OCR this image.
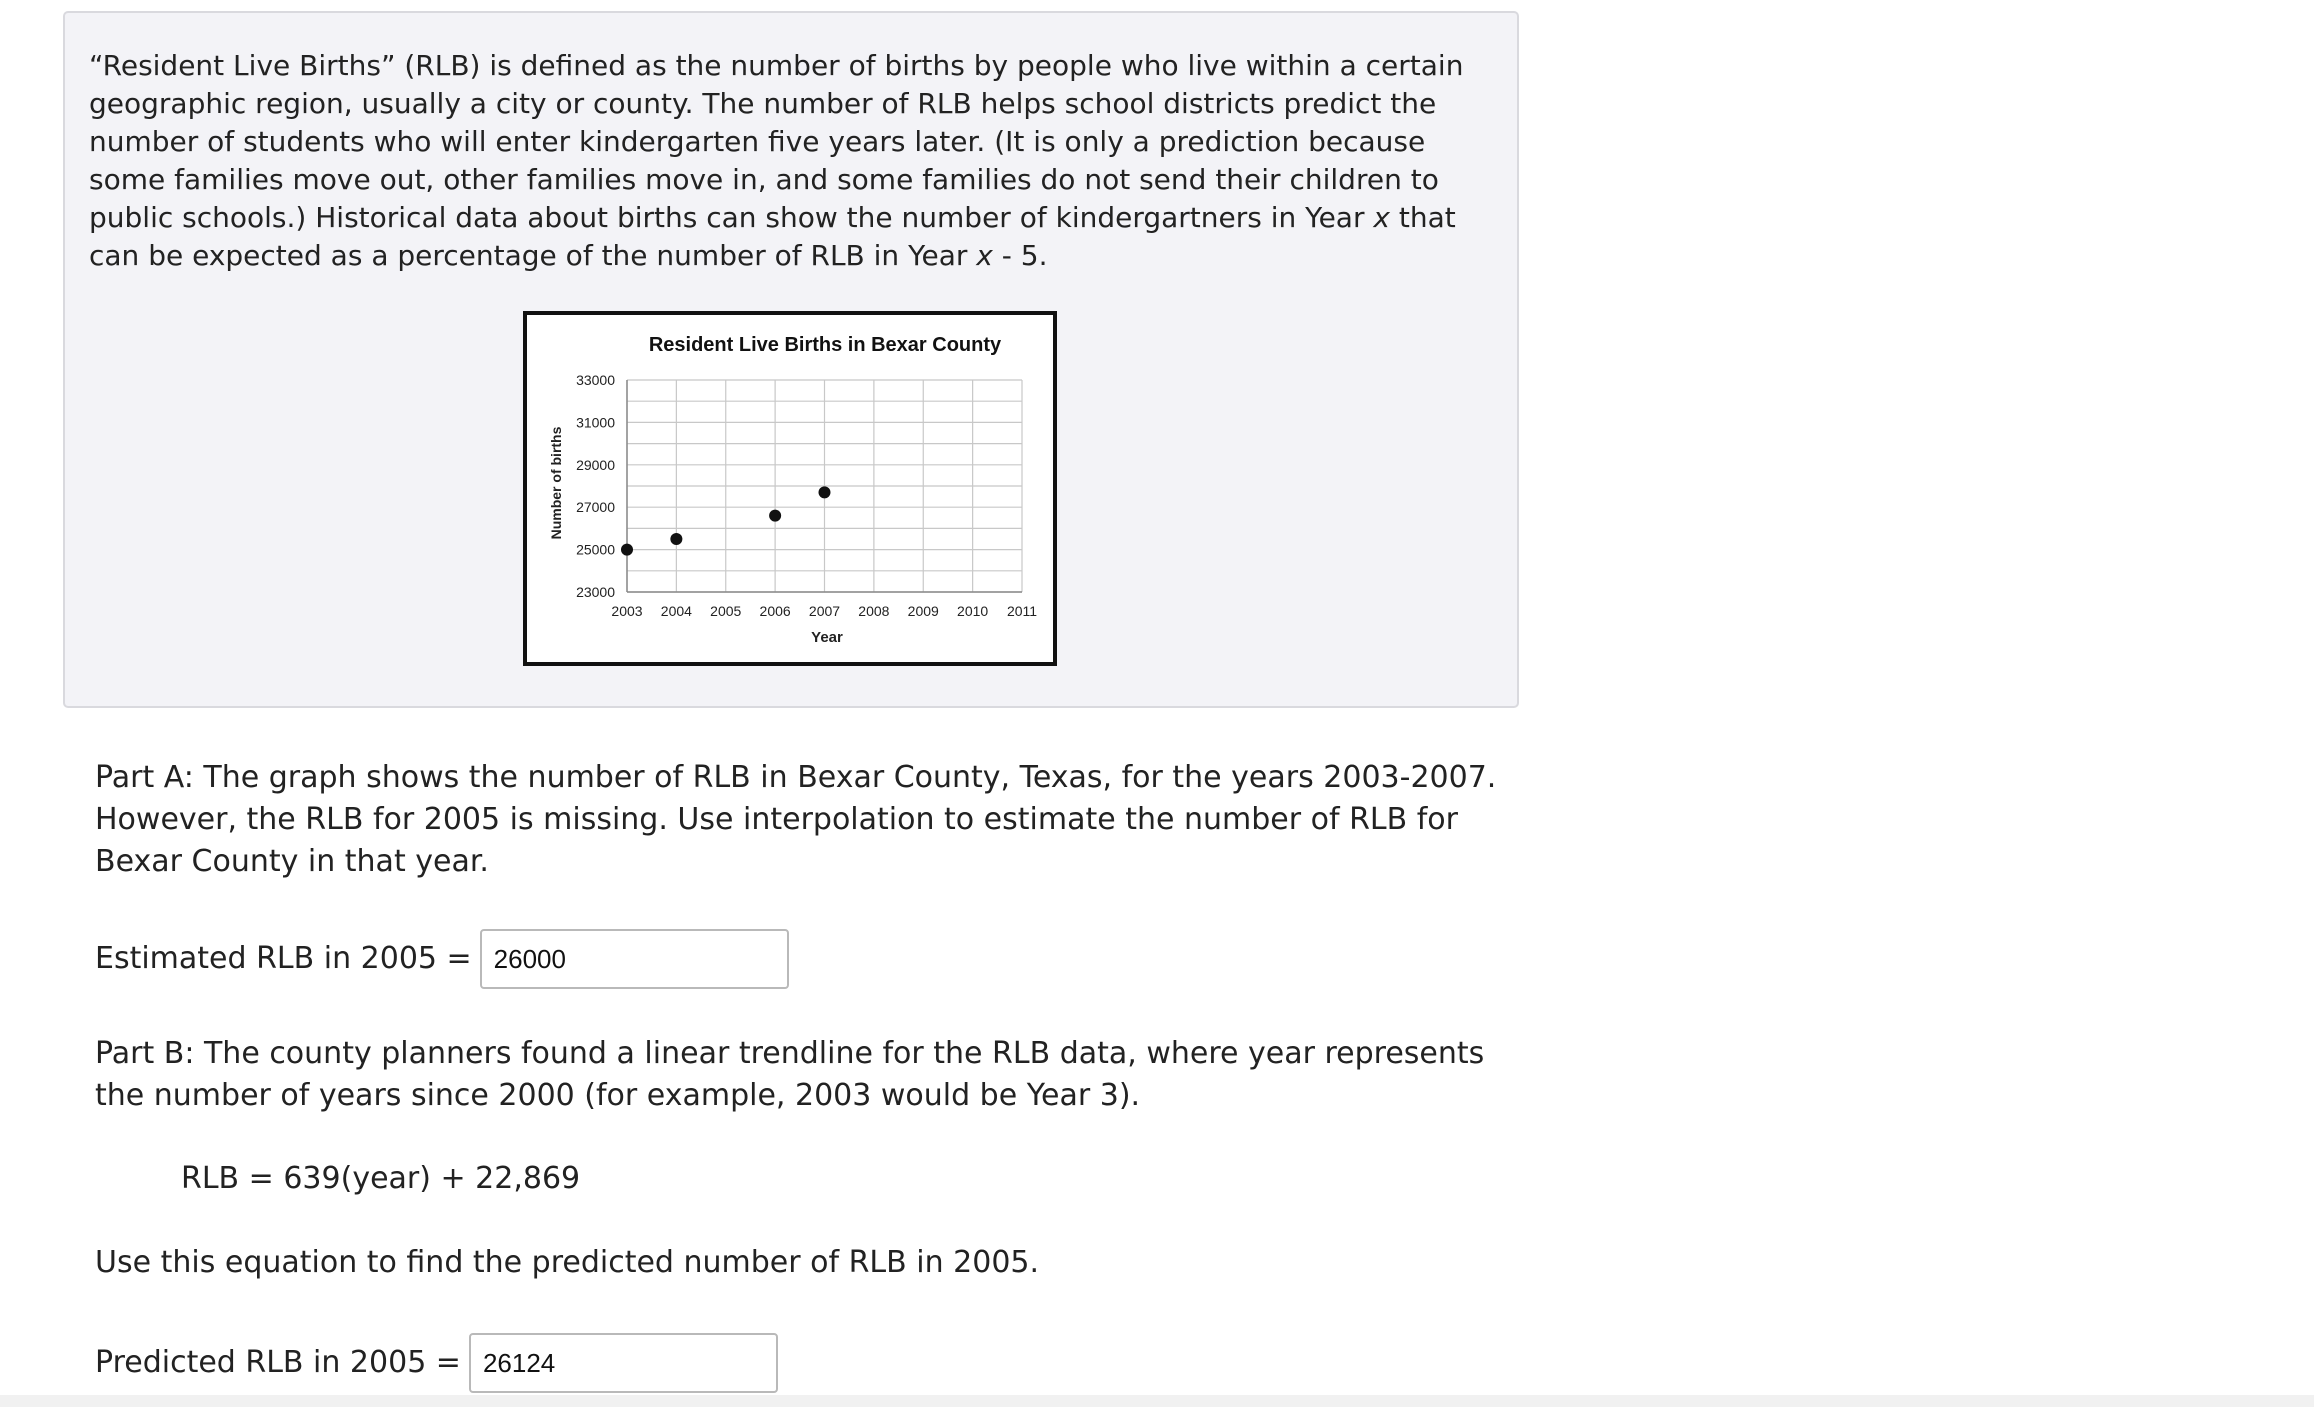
“Resident Live Births” (RLB) is defined as the number of births by people who live within a certain geographic region, usually a city or county. The number of RLB helps school districts predict the number of students who will enter kindergarten five years later. (It is only a prediction because some families move out, other families move in, and some families do not send their children to public schools.) Historical data about births can show the number of kindergartners in Year x that can be expected as a percentage of the number of RLB in Year x - 5.

Resident Live Births in Bexar County
Number of births
Year
2003 2004 2005 2006 2007 2008 2009 2010 2011
23000
25000
27000
29000
31000
33000

Part A: The graph shows the number of RLB in Bexar County, Texas, for the years 2003-2007. However, the RLB for 2005 is missing. Use interpolation to estimate the number of RLB for Bexar County in that year.

Estimated RLB in 2005 =
26000

Part B: The county planners found a linear trendline for the RLB data, where year represents the number of years since 2000 (for example, 2003 would be Year 3).

RLB = 639(year) + 22,869

Use this equation to find the predicted number of RLB in 2005.

Predicted RLB in 2005 =
26124
